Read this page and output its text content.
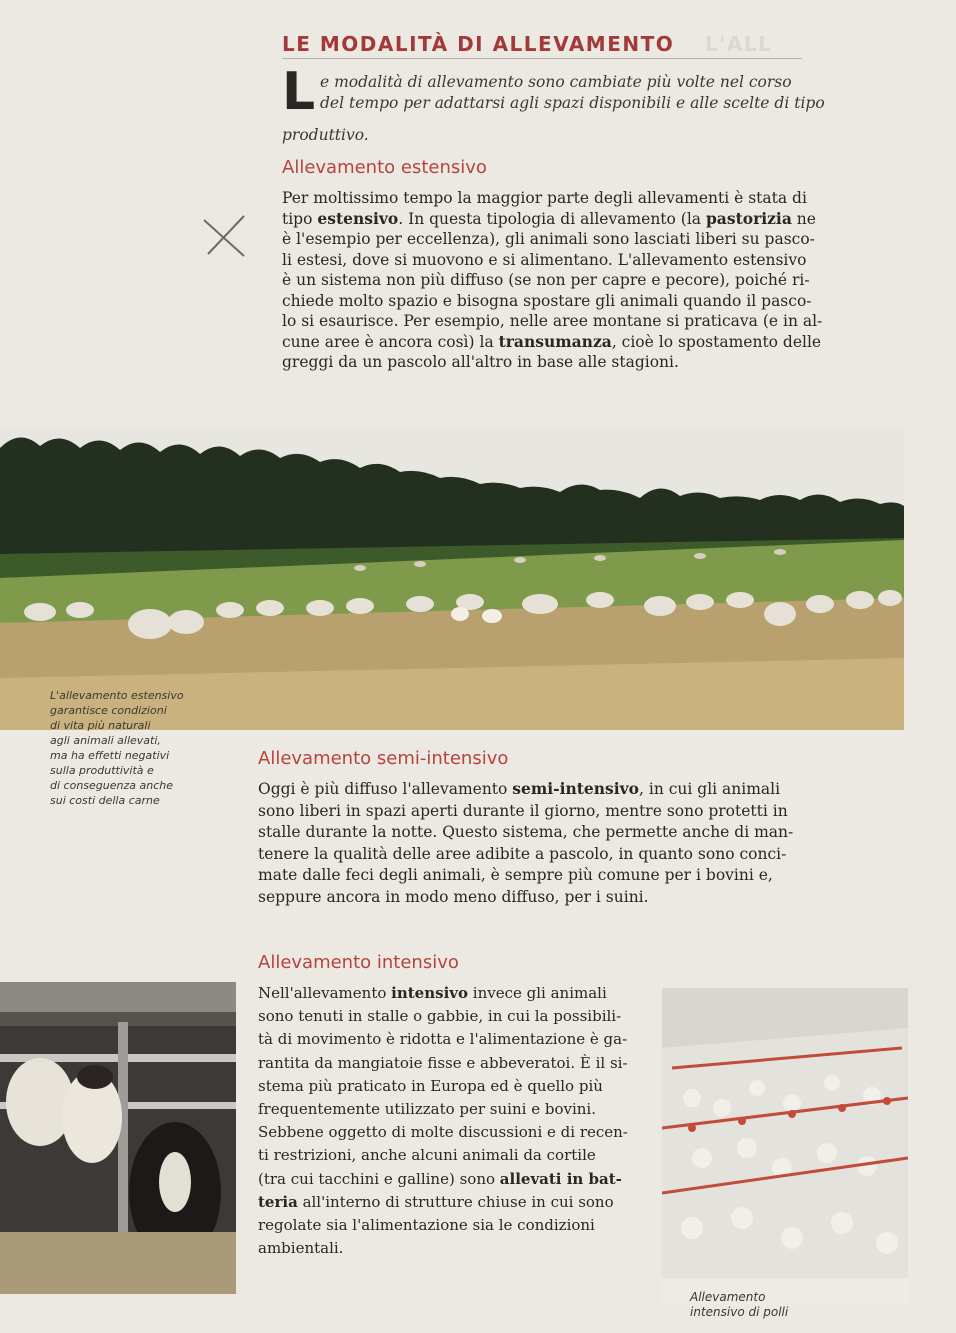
LE MODALITÀ DI ALLEVAMENTO L'ALL
L e modalità di allevamento sono cambiate più volte nel corso
del tempo per adattarsi agli spazi disponibili e alle scelte di tipo
produttivo.
Allevamento estensivo
Per moltissimo tempo la maggior parte degli allevamenti è stata di
tipo estensivo. In questa tipologia di allevamento (la pastorizia ne
è l'esempio per eccellenza), gli animali sono lasciati liberi su pasco-
li estesi, dove si muovono e si alimentano. L'allevamento estensivo
è un sistema non più diffuso (se non per capre e pecore), poiché ri-
chiede molto spazio e bisogna spostare gli animali quando il pasco-
lo si esaurisce. Per esempio, nelle aree montane si praticava (e in al-
cune aree è ancora così) la transumanza, cioè lo spostamento delle
greggi da un pascolo all'altro in base alle stagioni.
L'allevamento estensivo
garantisce condizioni
di vita più naturali
agli animali allevati,
ma ha effetti negativi
sulla produttività e
di conseguenza anche
sui costi della carne
Allevamento semi-intensivo
Oggi è più diffuso l'allevamento semi-intensivo, in cui gli animali
sono liberi in spazi aperti durante il giorno, mentre sono protetti in
stalle durante la notte. Questo sistema, che permette anche di man-
tenere la qualità delle aree adibite a pascolo, in quanto sono conci-
mate dalle feci degli animali, è sempre più comune per i bovini e,
seppure ancora in modo meno diffuso, per i suini.
Allevamento intensivo
Nell'allevamento intensivo invece gli animali
sono tenuti in stalle o gabbie, in cui la possibili-
tà di movimento è ridotta e l'alimentazione è ga-
rantita da mangiatoie fisse e abbeveratoi. È il si-
stema più praticato in Europa ed è quello più
frequentemente utilizzato per suini e bovini.
Sebbene oggetto di molte discussioni e di recen-
ti restrizioni, anche alcuni animali da cortile
(tra cui tacchini e galline) sono allevati in bat-
teria all'interno di strutture chiuse in cui sono
regolate sia l'alimentazione sia le condizioni
ambientali.
Allevamento
intensivo di polli
